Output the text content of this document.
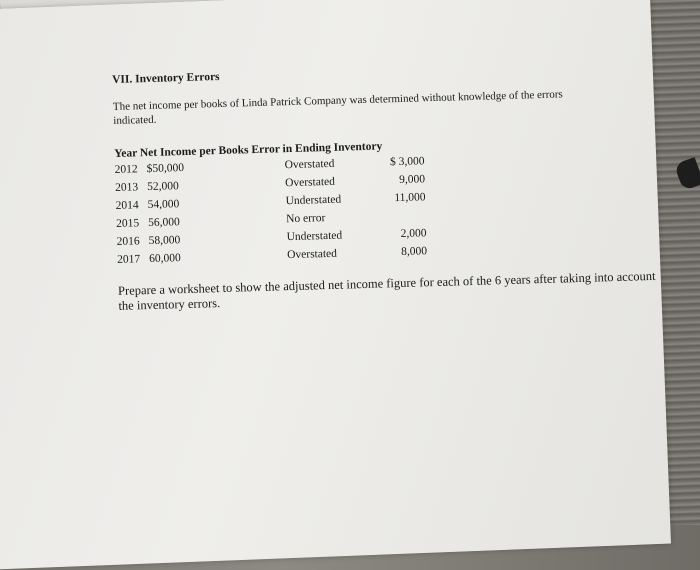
VII. Inventory Errors

The net income per books of Linda Patrick Company was determined without knowledge of the errors indicated.

Year Net Income per Books Error in Ending Inventory
2012 $50,000	Overstated	$ 3,000
2013 52,000	Overstated	9,000
2014 54,000	Understated	11,000
2015 56,000	No error
2016 58,000	Understated	2,000
2017 60,000	Overstated	8,000

Prepare a worksheet to show the adjusted net income figure for each of the 6 years after taking into account the inventory errors.
